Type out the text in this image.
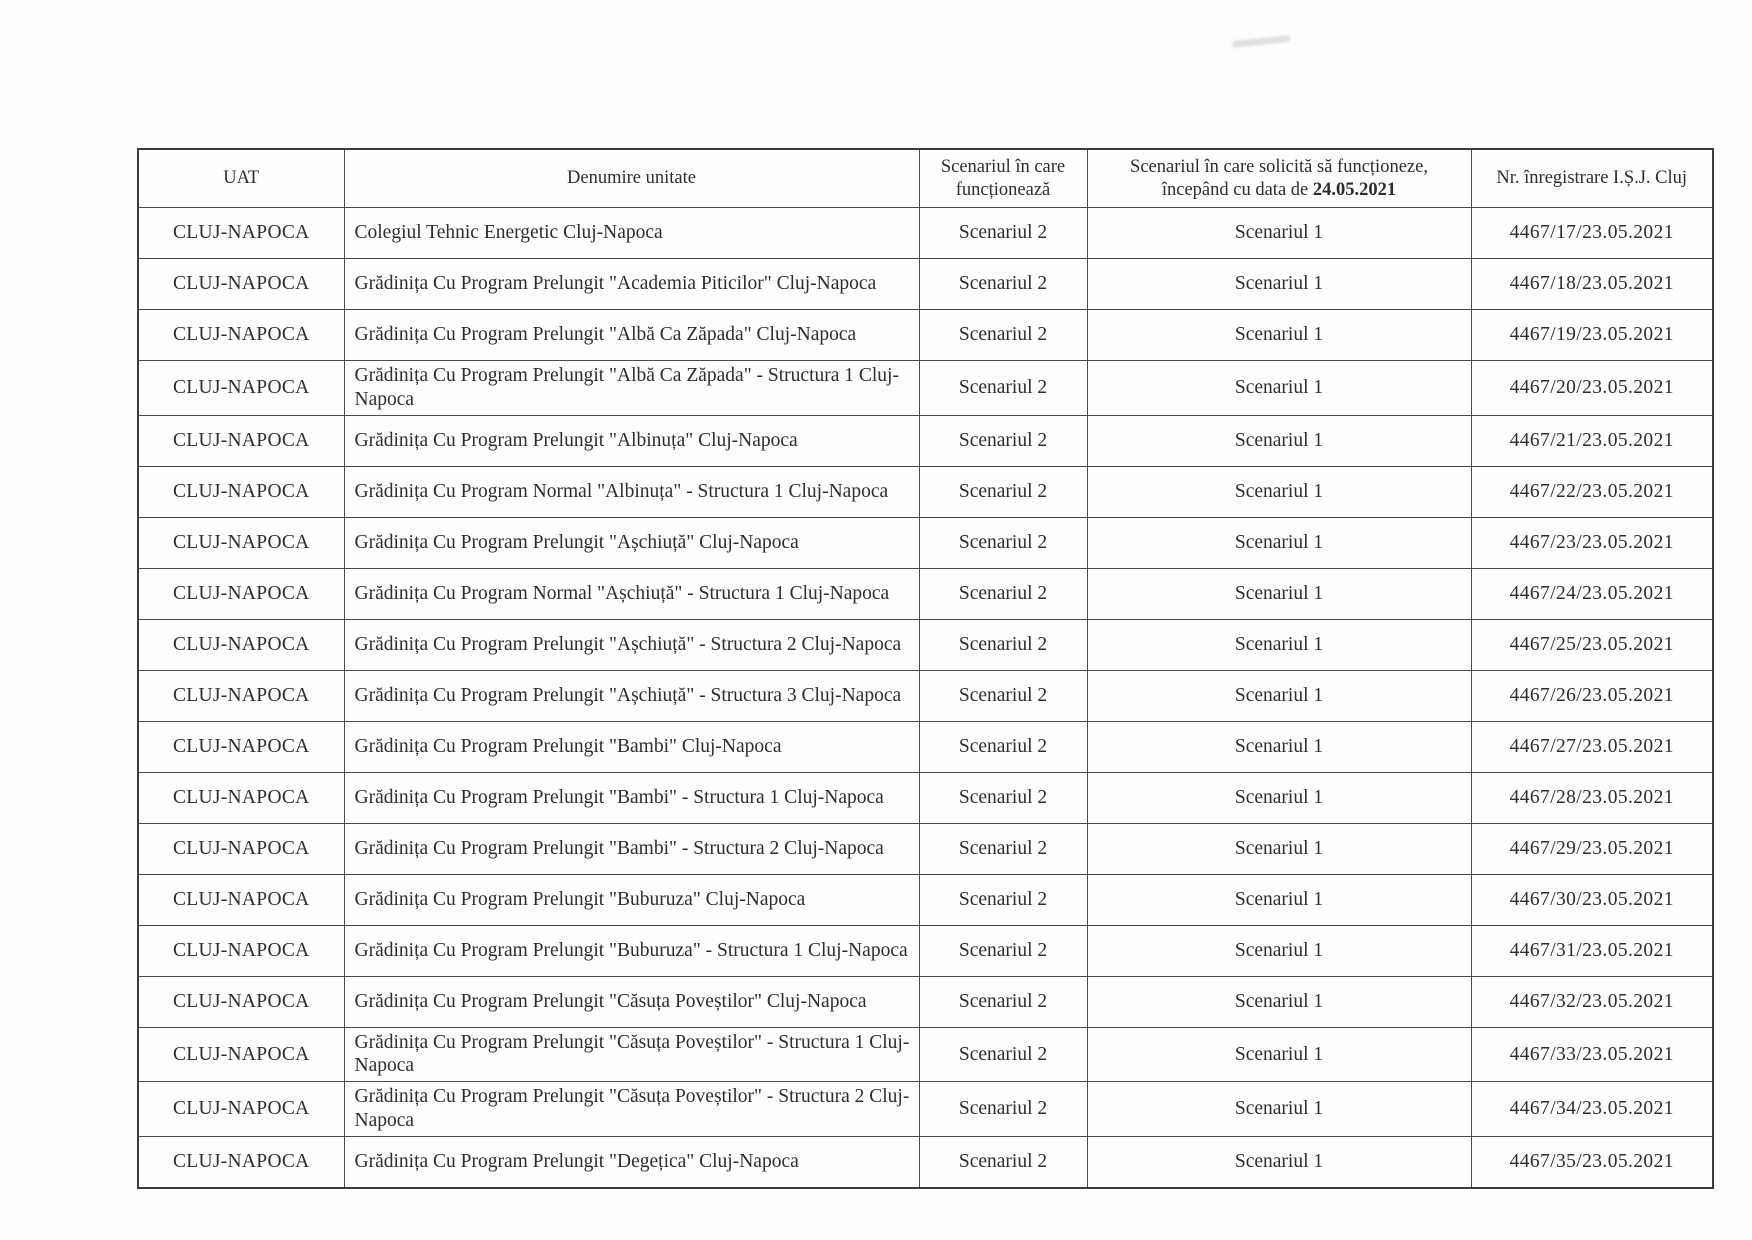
UAT	Denumire unitate	Scenariul în care funcționează	Scenariul în care solicită să funcționeze,
începând cu data de 24.05.2021	Nr. înregistrare I.Ș.J. Cluj
CLUJ-NAPOCA	Colegiul Tehnic Energetic Cluj-Napoca	Scenariul 2	Scenariul 1	4467/17/23.05.2021
CLUJ-NAPOCA	Grădinița Cu Program Prelungit "Academia Piticilor" Cluj-Napoca	Scenariul 2	Scenariul 1	4467/18/23.05.2021
CLUJ-NAPOCA	Grădinița Cu Program Prelungit "Albă Ca Zăpada" Cluj-Napoca	Scenariul 2	Scenariul 1	4467/19/23.05.2021
CLUJ-NAPOCA	Grădinița Cu Program Prelungit "Albă Ca Zăpada" - Structura 1 Cluj-Napoca	Scenariul 2	Scenariul 1	4467/20/23.05.2021
CLUJ-NAPOCA	Grădinița Cu Program Prelungit "Albinuța" Cluj-Napoca	Scenariul 2	Scenariul 1	4467/21/23.05.2021
CLUJ-NAPOCA	Grădinița Cu Program Normal "Albinuța" - Structura 1 Cluj-Napoca	Scenariul 2	Scenariul 1	4467/22/23.05.2021
CLUJ-NAPOCA	Grădinița Cu Program Prelungit "Așchiuță" Cluj-Napoca	Scenariul 2	Scenariul 1	4467/23/23.05.2021
CLUJ-NAPOCA	Grădinița Cu Program Normal "Așchiuță" - Structura 1 Cluj-Napoca	Scenariul 2	Scenariul 1	4467/24/23.05.2021
CLUJ-NAPOCA	Grădinița Cu Program Prelungit "Așchiuță" - Structura 2 Cluj-Napoca	Scenariul 2	Scenariul 1	4467/25/23.05.2021
CLUJ-NAPOCA	Grădinița Cu Program Prelungit "Așchiuță" - Structura 3 Cluj-Napoca	Scenariul 2	Scenariul 1	4467/26/23.05.2021
CLUJ-NAPOCA	Grădinița Cu Program Prelungit "Bambi" Cluj-Napoca	Scenariul 2	Scenariul 1	4467/27/23.05.2021
CLUJ-NAPOCA	Grădinița Cu Program Prelungit "Bambi" - Structura 1 Cluj-Napoca	Scenariul 2	Scenariul 1	4467/28/23.05.2021
CLUJ-NAPOCA	Grădinița Cu Program Prelungit "Bambi" - Structura 2 Cluj-Napoca	Scenariul 2	Scenariul 1	4467/29/23.05.2021
CLUJ-NAPOCA	Grădinița Cu Program Prelungit "Buburuza" Cluj-Napoca	Scenariul 2	Scenariul 1	4467/30/23.05.2021
CLUJ-NAPOCA	Grădinița Cu Program Prelungit "Buburuza" - Structura 1 Cluj-Napoca	Scenariul 2	Scenariul 1	4467/31/23.05.2021
CLUJ-NAPOCA	Grădinița Cu Program Prelungit "Căsuța Poveștilor" Cluj-Napoca	Scenariul 2	Scenariul 1	4467/32/23.05.2021
CLUJ-NAPOCA	Grădinița Cu Program Prelungit "Căsuța Poveștilor" - Structura 1 Cluj-Napoca	Scenariul 2	Scenariul 1	4467/33/23.05.2021
CLUJ-NAPOCA	Grădinița Cu Program Prelungit "Căsuța Poveștilor" - Structura 2 Cluj-Napoca	Scenariul 2	Scenariul 1	4467/34/23.05.2021
CLUJ-NAPOCA	Grădinița Cu Program Prelungit "Degețica" Cluj-Napoca	Scenariul 2	Scenariul 1	4467/35/23.05.2021
